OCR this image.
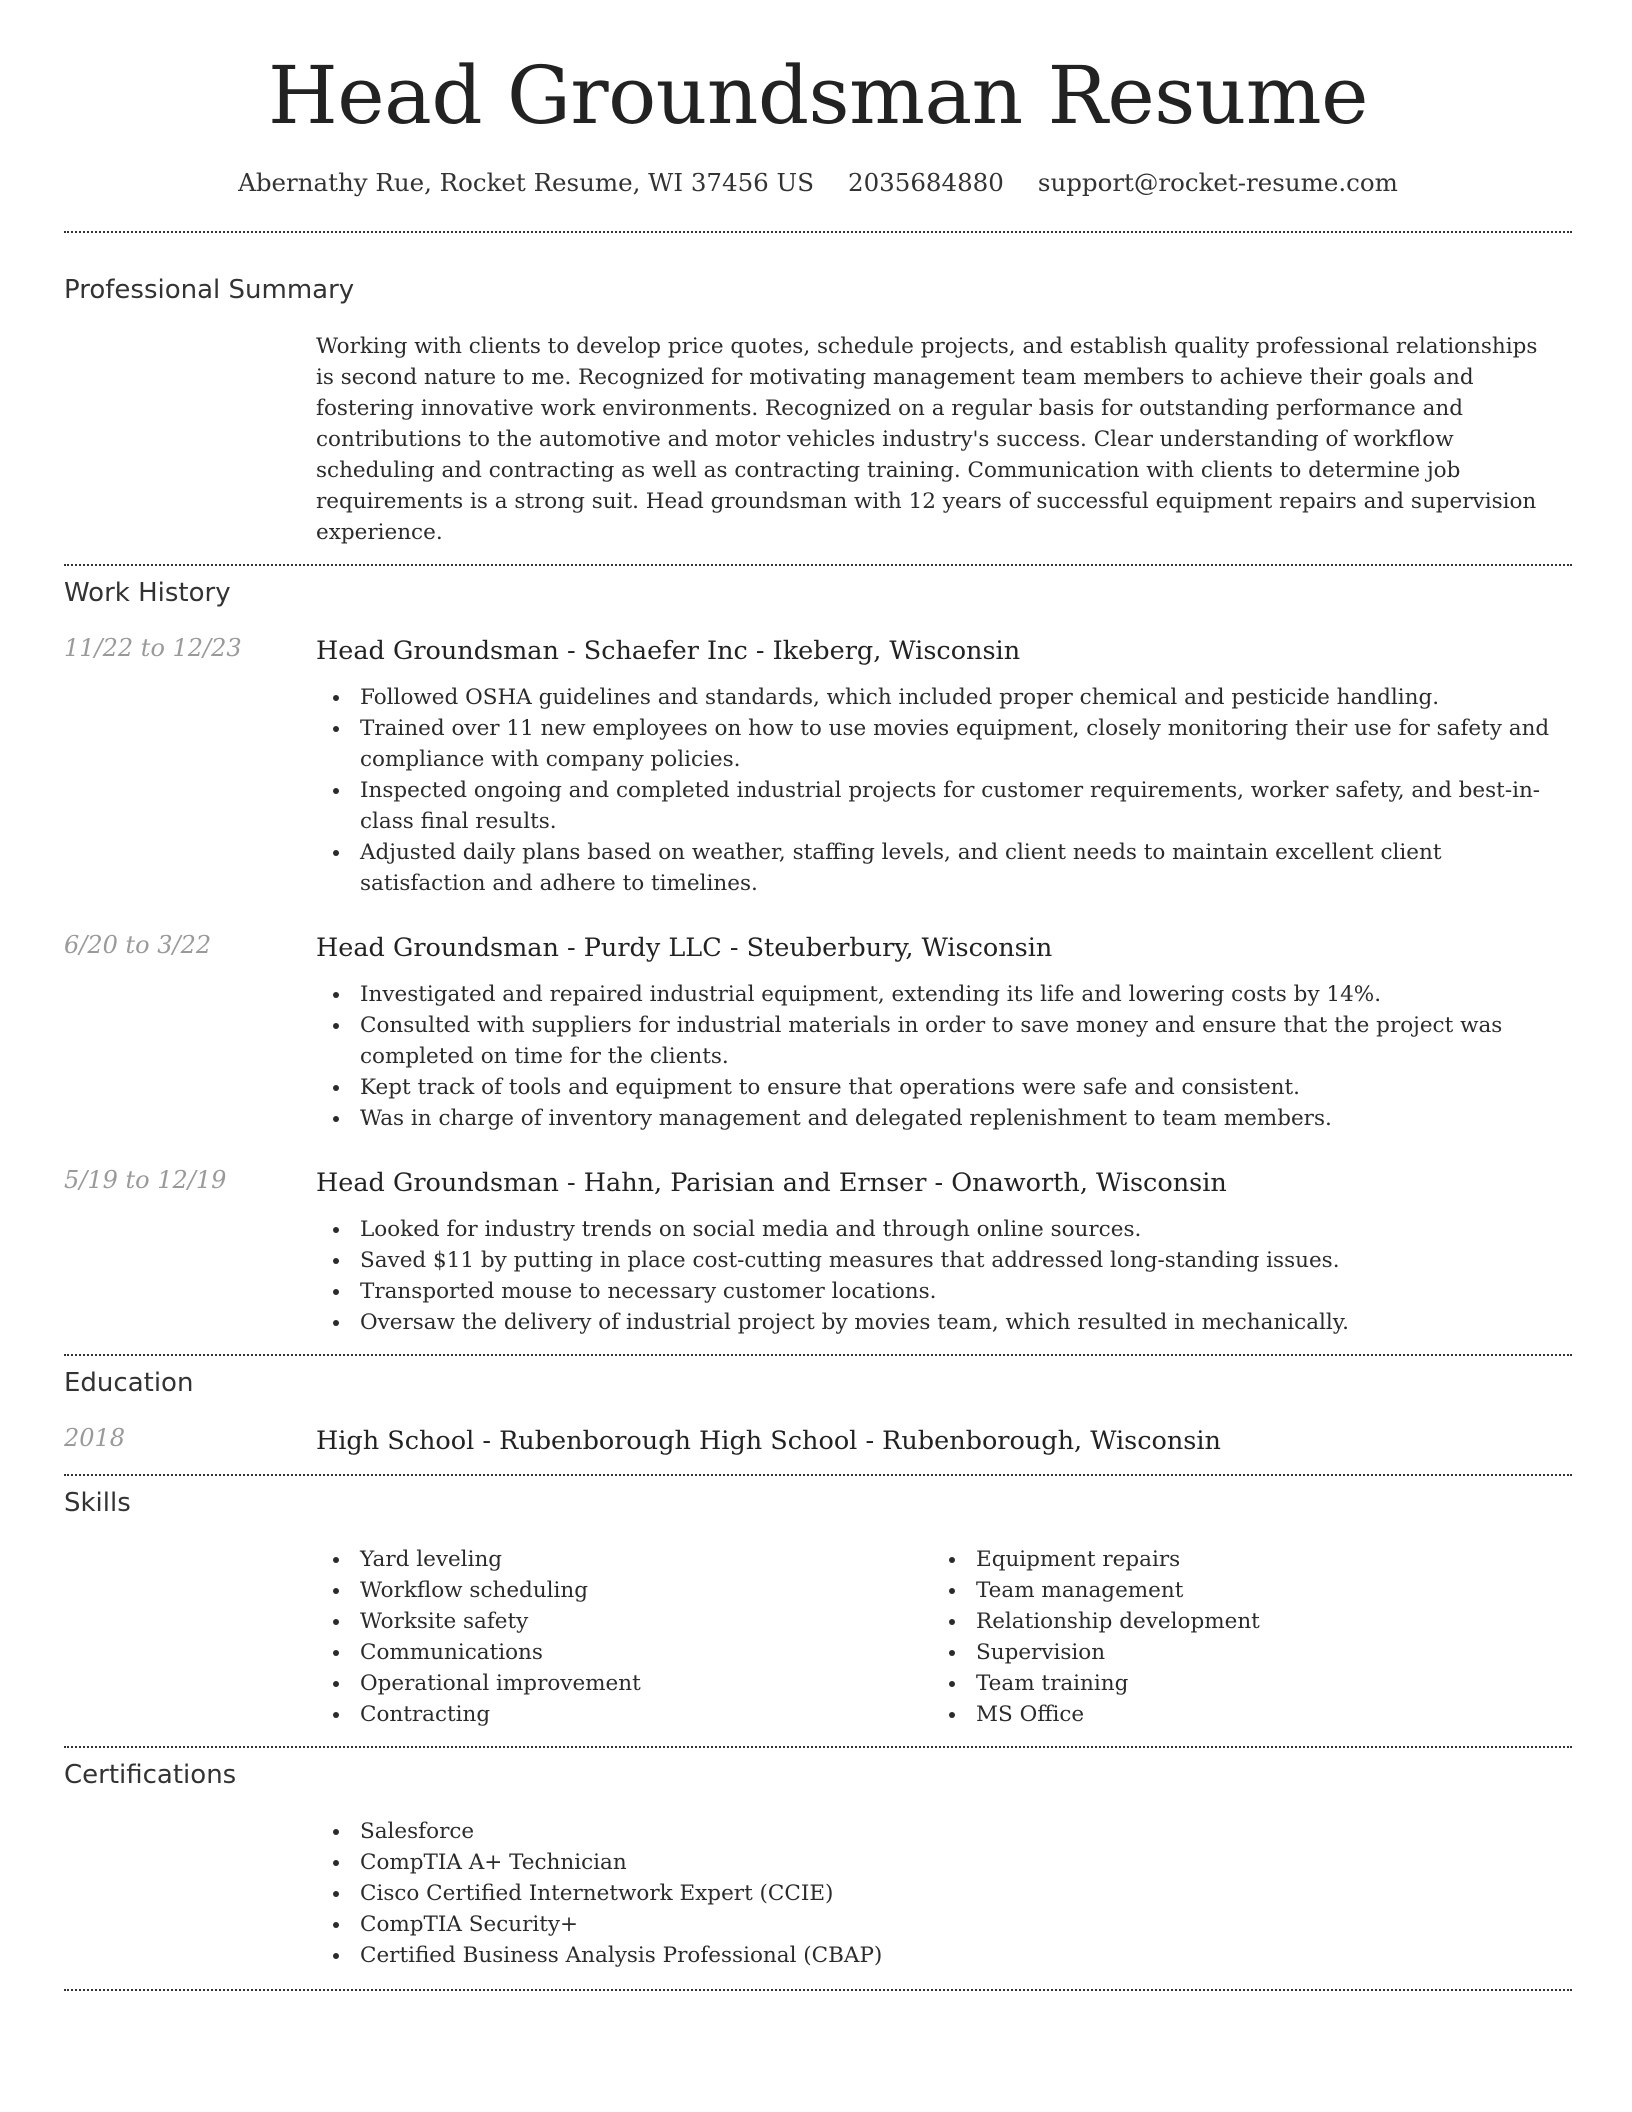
Head Groundsman Resume
Abernathy Rue, Rocket Resume, WI 37456 US 2035684880 support@rocket-resume.com
Professional Summary
Working with clients to develop price quotes, schedule projects, and establish quality professional relationships is second nature to me. Recognized for motivating management team members to achieve their goals and fostering innovative work environments. Recognized on a regular basis for outstanding performance and contributions to the automotive and motor vehicles industry's success. Clear understanding of workflow scheduling and contracting as well as contracting training. Communication with clients to determine job requirements is a strong suit. Head groundsman with 12 years of successful equipment repairs and supervision experience.
Work History
11/22 to 12/23	Head Groundsman - Schaefer Inc - Ikeberg, Wisconsin
Followed OSHA guidelines and standards, which included proper chemical and pesticide handling.
Trained over 11 new employees on how to use movies equipment, closely monitoring their use for safety and compliance with company policies.
Inspected ongoing and completed industrial projects for customer requirements, worker safety, and best-in-class final results.
Adjusted daily plans based on weather, staffing levels, and client needs to maintain excellent client satisfaction and adhere to timelines.
6/20 to 3/22	Head Groundsman - Purdy LLC - Steuberbury, Wisconsin
Investigated and repaired industrial equipment, extending its life and lowering costs by 14%.
Consulted with suppliers for industrial materials in order to save money and ensure that the project was completed on time for the clients.
Kept track of tools and equipment to ensure that operations were safe and consistent.
Was in charge of inventory management and delegated replenishment to team members.
5/19 to 12/19	Head Groundsman - Hahn, Parisian and Ernser - Onaworth, Wisconsin
Looked for industry trends on social media and through online sources.
Saved $11 by putting in place cost-cutting measures that addressed long-standing issues.
Transported mouse to necessary customer locations.
Oversaw the delivery of industrial project by movies team, which resulted in mechanically.
Education
2018	High School - Rubenborough High School - Rubenborough, Wisconsin
Skills
Yard leveling
Workflow scheduling
Worksite safety
Communications
Operational improvement
Contracting
Equipment repairs
Team management
Relationship development
Supervision
Team training
MS Office
Certifications
Salesforce
CompTIA A+ Technician
Cisco Certified Internetwork Expert (CCIE)
CompTIA Security+
Certified Business Analysis Professional (CBAP)
